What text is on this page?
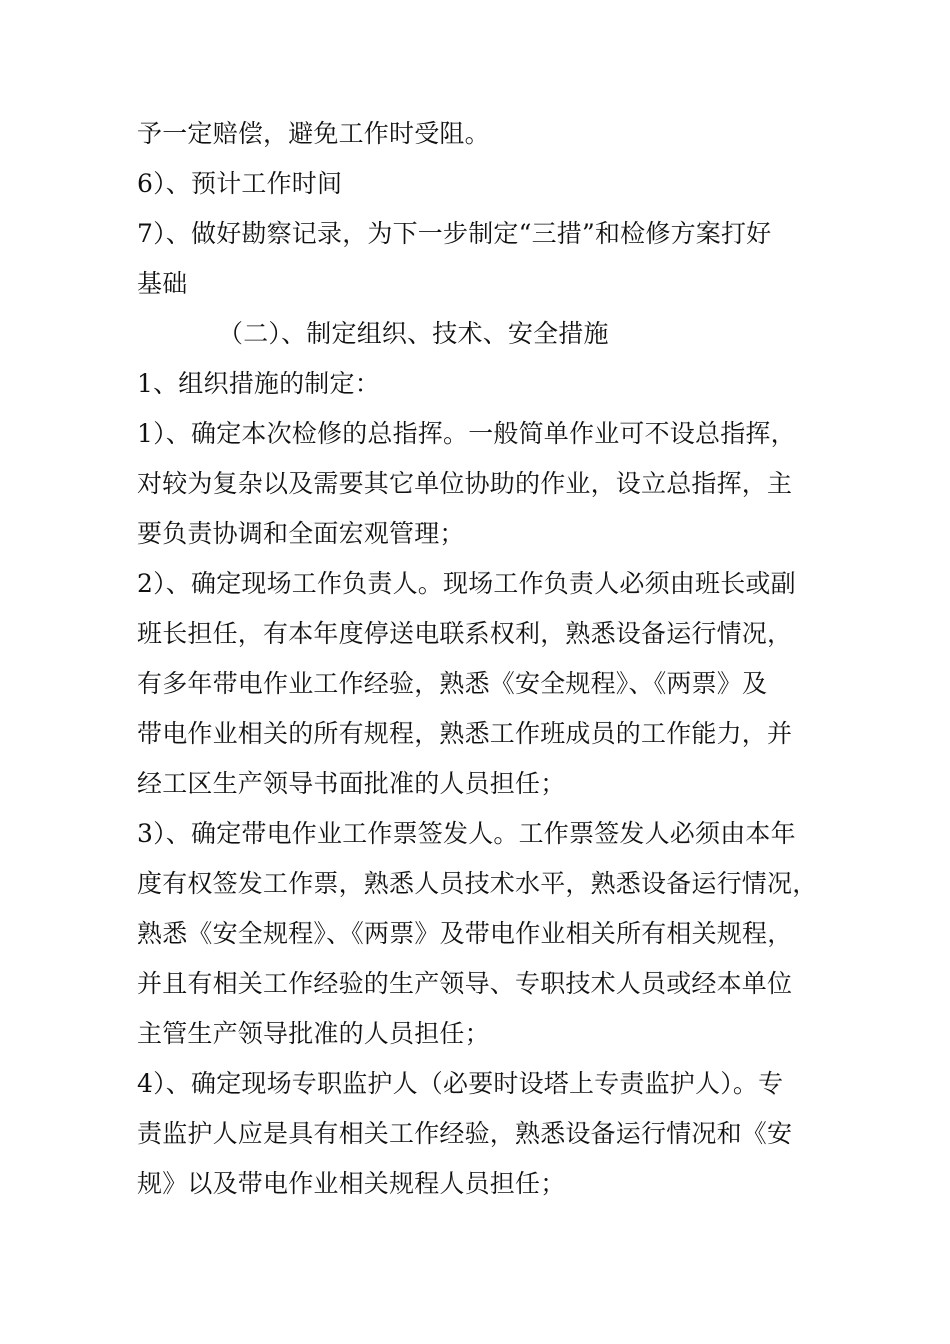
予一定赔偿，避免工作时受阻。
6）、预计工作时间
7）、做好勘察记录，为下一步制定“三措”和检修方案打好
基础
（二）、制定组织、技术、安全措施
1、组织措施的制定：
1）、确定本次检修的总指挥。一般简单作业可不设总指挥，
对较为复杂以及需要其它单位协助的作业，设立总指挥，主
要负责协调和全面宏观管理；
2）、确定现场工作负责人。现场工作负责人必须由班长或副
班长担任，有本年度停送电联系权利，熟悉设备运行情况，
有多年带电作业工作经验，熟悉《安全规程》、《两票》及
带电作业相关的所有规程，熟悉工作班成员的工作能力，并
经工区生产领导书面批准的人员担任；
3）、确定带电作业工作票签发人。工作票签发人必须由本年
度有权签发工作票，熟悉人员技术水平，熟悉设备运行情况，
熟悉《安全规程》、《两票》及带电作业相关所有相关规程，
并且有相关工作经验的生产领导、专职技术人员或经本单位
主管生产领导批准的人员担任；
4）、确定现场专职监护人（必要时设塔上专责监护人）。专
责监护人应是具有相关工作经验，熟悉设备运行情况和《安
规》以及带电作业相关规程人员担任；
